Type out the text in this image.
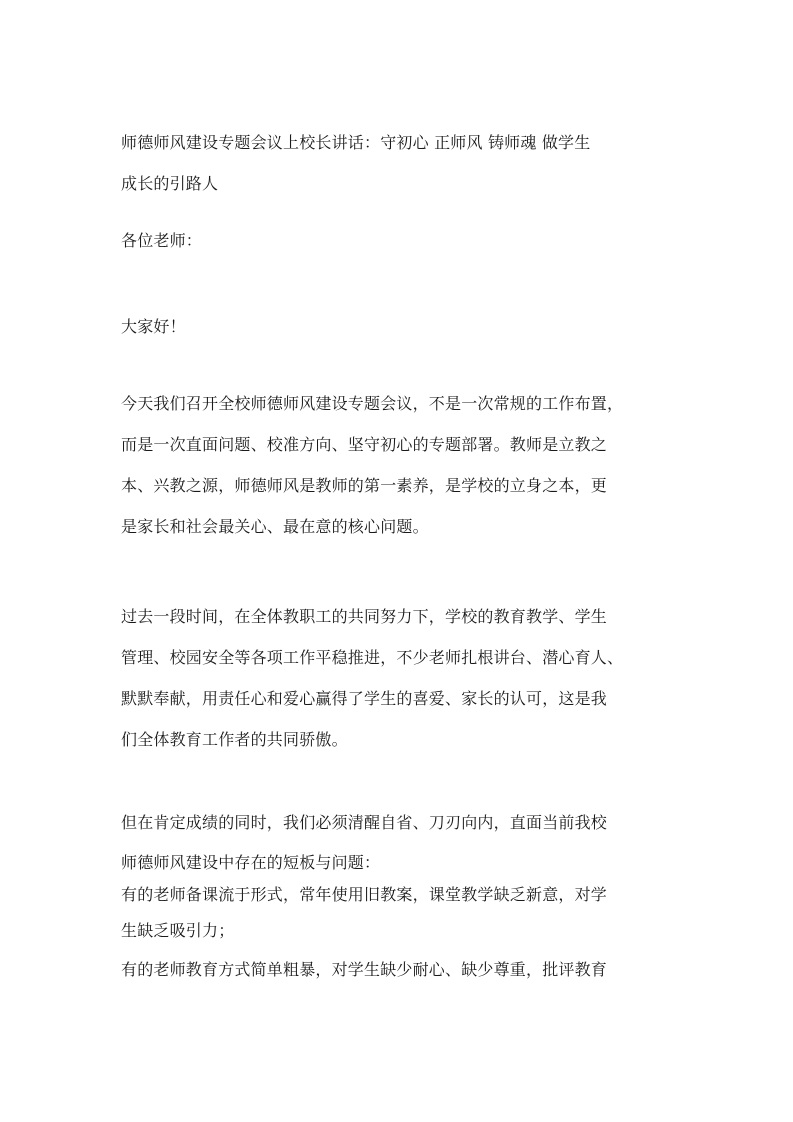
师德师风建设专题会议上校长讲话：守初心 正师风 铸师魂 做学生
成长的引路人
各位老师：
大家好！
今天我们召开全校师德师风建设专题会议，不是一次常规的工作布置，
而是一次直面问题、校准方向、坚守初心的专题部署。教师是立教之
本、兴教之源，师德师风是教师的第一素养，是学校的立身之本，更
是家长和社会最关心、最在意的核心问题。
过去一段时间，在全体教职工的共同努力下，学校的教育教学、学生
管理、校园安全等各项工作平稳推进，不少老师扎根讲台、潜心育人、
默默奉献，用责任心和爱心赢得了学生的喜爱、家长的认可，这是我
们全体教育工作者的共同骄傲。
但在肯定成绩的同时，我们必须清醒自省、刀刃向内，直面当前我校
师德师风建设中存在的短板与问题：
有的老师备课流于形式，常年使用旧教案，课堂教学缺乏新意，对学
生缺乏吸引力；
有的老师教育方式简单粗暴，对学生缺少耐心、缺少尊重，批评教育
